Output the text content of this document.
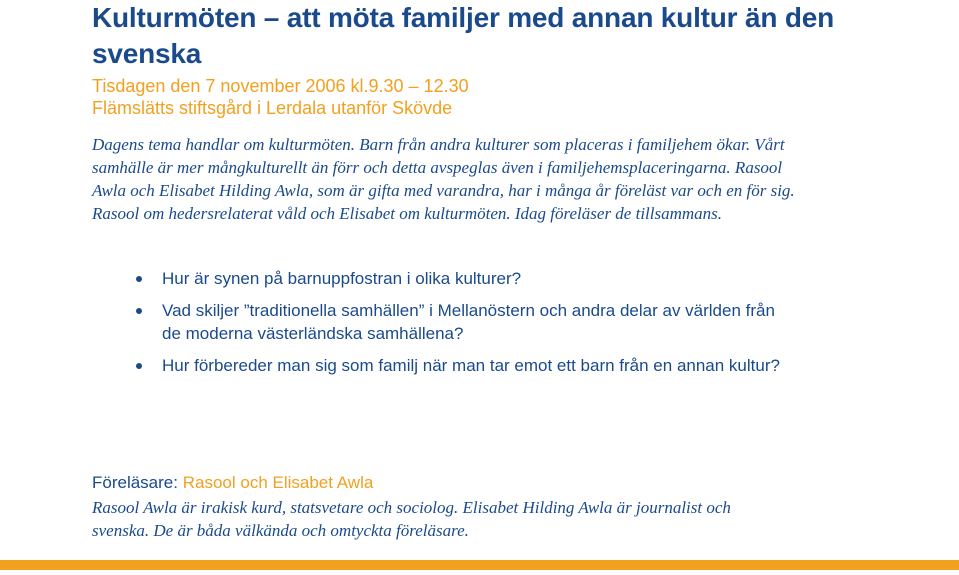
Kulturmöten – att möta familjer med annan kultur än den svenska

Tisdagen den 7 november 2006 kl.9.30 – 12.30

Flämslätts stiftsgård i Lerdala utanför Skövde

Dagens tema handlar om kulturmöten. Barn från andra kulturer som placeras i familjehem ökar. Vårt samhälle är mer mångkulturellt än förr och detta avspeglas även i familjehemsplaceringarna. Rasool Awla och Elisabet Hilding Awla, som är gifta med varandra, har i många år föreläst var och en för sig. Rasool om hedersrelaterat våld och Elisabet om kulturmöten. Idag föreläser de tillsammans.

Hur är synen på barnuppfostran i olika kulturer?
Vad skiljer ”traditionella samhällen” i Mellanöstern och andra delar av världen från de moderna västerländska samhällena?
Hur förbereder man sig som familj när man tar emot ett barn från en annan kultur?

Föreläsare: Rasool och Elisabet Awla

Rasool Awla är irakisk kurd, statsvetare och sociolog. Elisabet Hilding Awla är journalist och svenska. De är båda välkända och omtyckta föreläsare.
